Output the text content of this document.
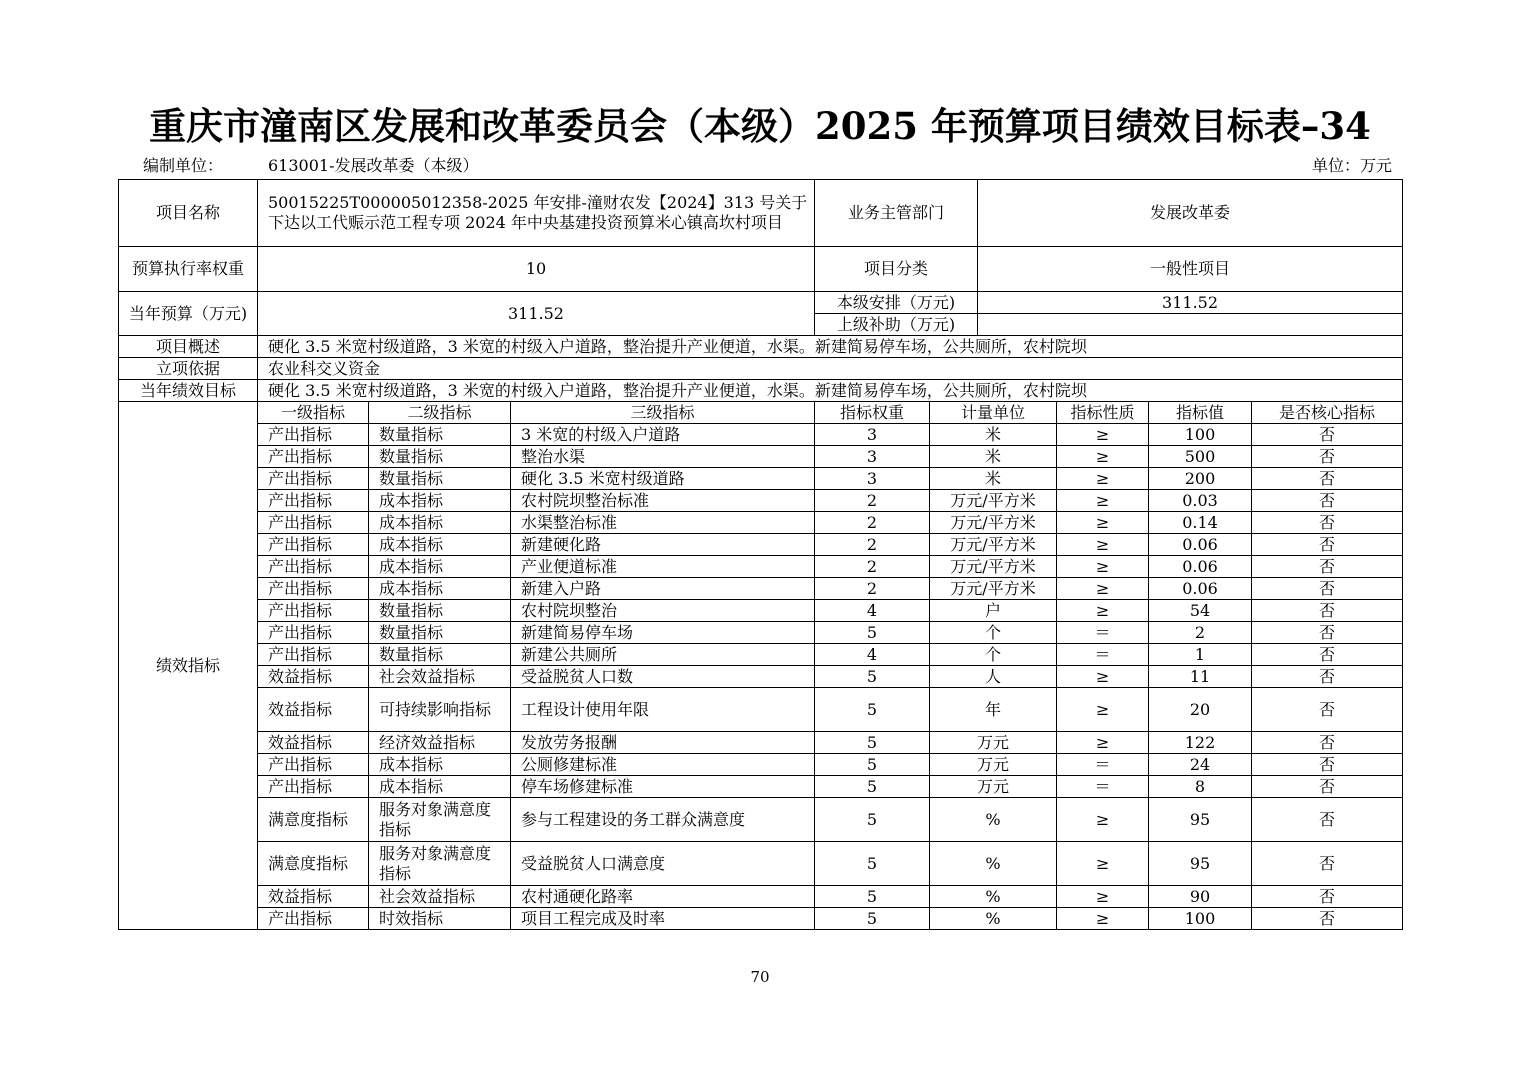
重庆市潼南区发展和改革委员会（本级）2025 年预算项目绩效目标表–34
编制单位：	613001-发展改革委（本级）	单位：万元
项目名称	50015225T000005012358-2025 年安排-潼财农发【2024】313 号关于下达以工代赈示范工程专项 2024 年中央基建投资预算米心镇高坎村项目			业务主管部门		发展改革委			
预算执行率权重	10			项目分类		一般性项目			
当年预算（万元)	311.52			本级安排（万元)		311.52			
				上级补助（万元)					
项目概述	硬化 3.5 米宽村级道路，3 米宽的村级入户道路，整治提升产业便道，水渠。新建简易停车场，公共厕所，农村院坝								
立项依据	农业科交义资金								
当年绩效目标	硬化 3.5 米宽村级道路，3 米宽的村级入户道路，整治提升产业便道，水渠。新建简易停车场，公共厕所，农村院坝								
绩效指标	一级指标	二级指标	三级指标	指标权重	计量单位		指标性质	指标值	是否核心指标
	产出指标	数量指标	3 米宽的村级入户道路	3	米		≥	100	否
	产出指标	数量指标	整治水渠	3	米		≥	500	否
	产出指标	数量指标	硬化 3.5 米宽村级道路	3	米		≥	200	否
	产出指标	成本指标	农村院坝整治标准	2	万元/平方米		≥	0.03	否
	产出指标	成本指标	水渠整治标准	2	万元/平方米		≥	0.14	否
	产出指标	成本指标	新建硬化路	2	万元/平方米		≥	0.06	否
	产出指标	成本指标	产业便道标准	2	万元/平方米		≥	0.06	否
	产出指标	成本指标	新建入户路	2	万元/平方米		≥	0.06	否
	产出指标	数量指标	农村院坝整治	4	户		≥	54	否
	产出指标	数量指标	新建简易停车场	5	个		＝	2	否
	产出指标	数量指标	新建公共厕所	4	个		＝	1	否
	效益指标	社会效益指标	受益脱贫人口数	5	人		≥	11	否
	效益指标	可持续影响指标	工程设计使用年限	5	年		≥	20	否
	效益指标	经济效益指标	发放劳务报酬	5	万元		≥	122	否
	产出指标	成本指标	公厕修建标准	5	万元		＝	24	否
	产出指标	成本指标	停车场修建标准	5	万元		＝	8	否
	满意度指标	服务对象满意度指标	参与工程建设的务工群众满意度	5	%		≥	95	否
	满意度指标	服务对象满意度指标	受益脱贫人口满意度	5	%		≥	95	否
	效益指标	社会效益指标	农村通硬化路率	5	%		≥	90	否
	产出指标	时效指标	项目工程完成及时率	5	%		≥	100	否
70
